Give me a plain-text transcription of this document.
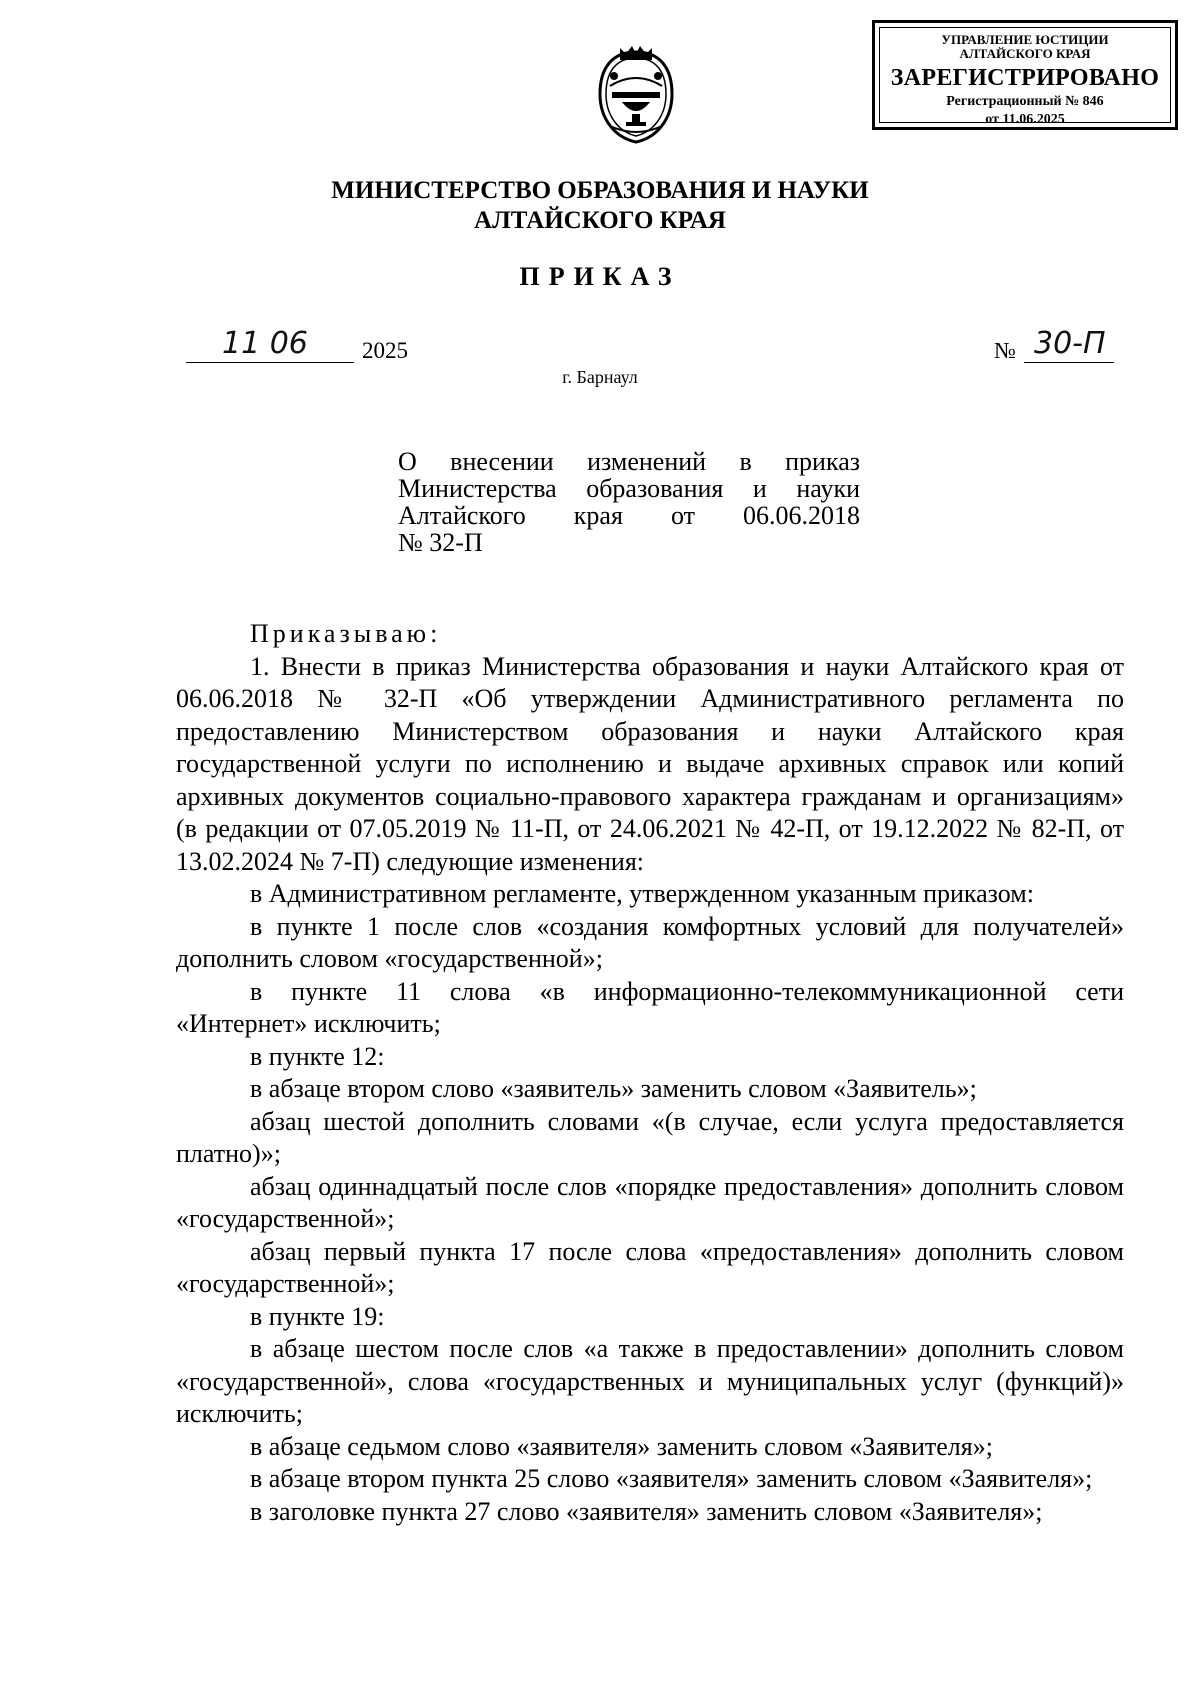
УПРАВЛЕНИЕ ЮСТИЦИИ
АЛТАЙСКОГО КРАЯ
ЗАРЕГИСТРИРОВАНО
Регистрационный № 846
от 11.06.2025
МИНИСТЕРСТВО ОБРАЗОВАНИЯ И НАУКИ
АЛТАЙСКОГО КРАЯ
ПРИКАЗ
11 06 2025	№ 30-П
г. Барнаул
О внесении изменений в приказ
Министерства образования и науки
Алтайского края от 06.06.2018
№ 32-П

Приказываю:

1. Внести в приказ Министерства образования и науки Алтайского края от 06.06.2018 № 32-П «Об утверждении Административного регламента по предоставлению Министерством образования и науки Алтайского края государственной услуги по исполнению и выдаче архивных справок или копий архивных документов социально-правового характера гражданам и организациям» (в редакции от 07.05.2019 № 11-П, от 24.06.2021 № 42-П, от 19.12.2022 № 82-П, от 13.02.2024 № 7-П) следующие изменения:

в Административном регламенте, утвержденном указанным приказом:

в пункте 1 после слов «создания комфортных условий для получателей» дополнить словом «государственной»;

в пункте 11 слова «в информационно-телекоммуникационной сети «Интернет» исключить;

в пункте 12:

в абзаце втором слово «заявитель» заменить словом «Заявитель»;

абзац шестой дополнить словами «(в случае, если услуга предоставляется платно)»;

абзац одиннадцатый после слов «порядке предоставления» дополнить словом «государственной»;

абзац первый пункта 17 после слова «предоставления» дополнить словом «государственной»;

в пункте 19:

в абзаце шестом после слов «а также в предоставлении» дополнить словом «государственной», слова «государственных и муниципальных услуг (функций)» исключить;

в абзаце седьмом слово «заявителя» заменить словом «Заявителя»;

в абзаце втором пункта 25 слово «заявителя» заменить словом «Заявителя»;

в заголовке пункта 27 слово «заявителя» заменить словом «Заявителя»;
